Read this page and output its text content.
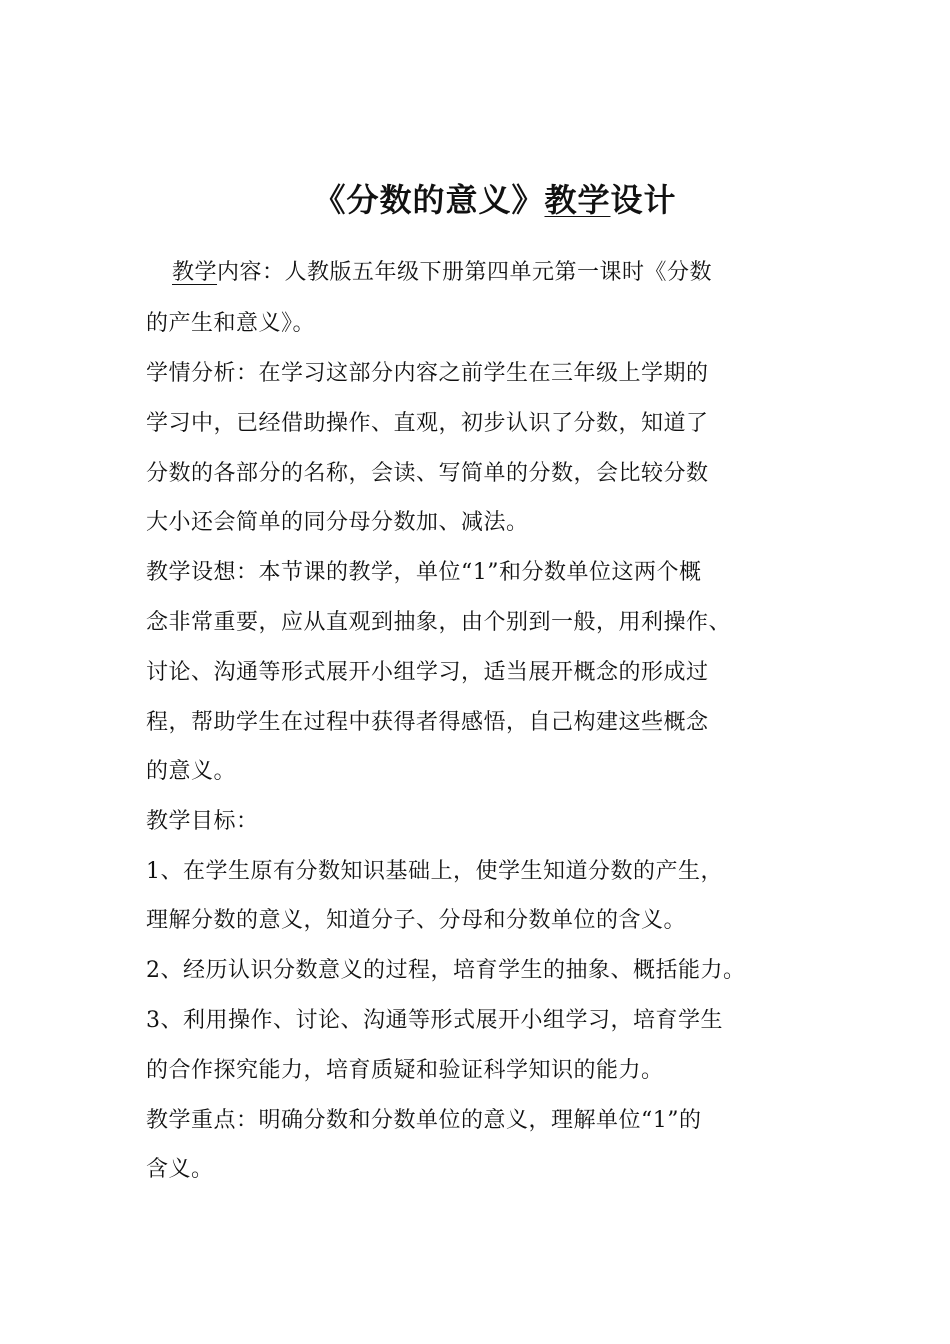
《分数的意义》教学设计
教学内容：人教版五年级下册第四单元第一课时《分数
的产生和意义》。
学情分析：在学习这部分内容之前学生在三年级上学期的
学习中，已经借助操作、直观，初步认识了分数，知道了
分数的各部分的名称，会读、写简单的分数，会比较分数
大小还会简单的同分母分数加、减法。
教学设想：本节课的教学，单位“1”和分数单位这两个概
念非常重要，应从直观到抽象，由个别到一般，用利操作、
讨论、沟通等形式展开小组学习，适当展开概念的形成过
程，帮助学生在过程中获得者得感悟，自己构建这些概念
的意义。
教学目标：
1、在学生原有分数知识基础上，使学生知道分数的产生，
理解分数的意义，知道分子、分母和分数单位的含义。
2、经历认识分数意义的过程，培育学生的抽象、概括能力。
3、利用操作、讨论、沟通等形式展开小组学习，培育学生
的合作探究能力，培育质疑和验证科学知识的能力。
教学重点：明确分数和分数单位的意义，理解单位“1”的
含义。
